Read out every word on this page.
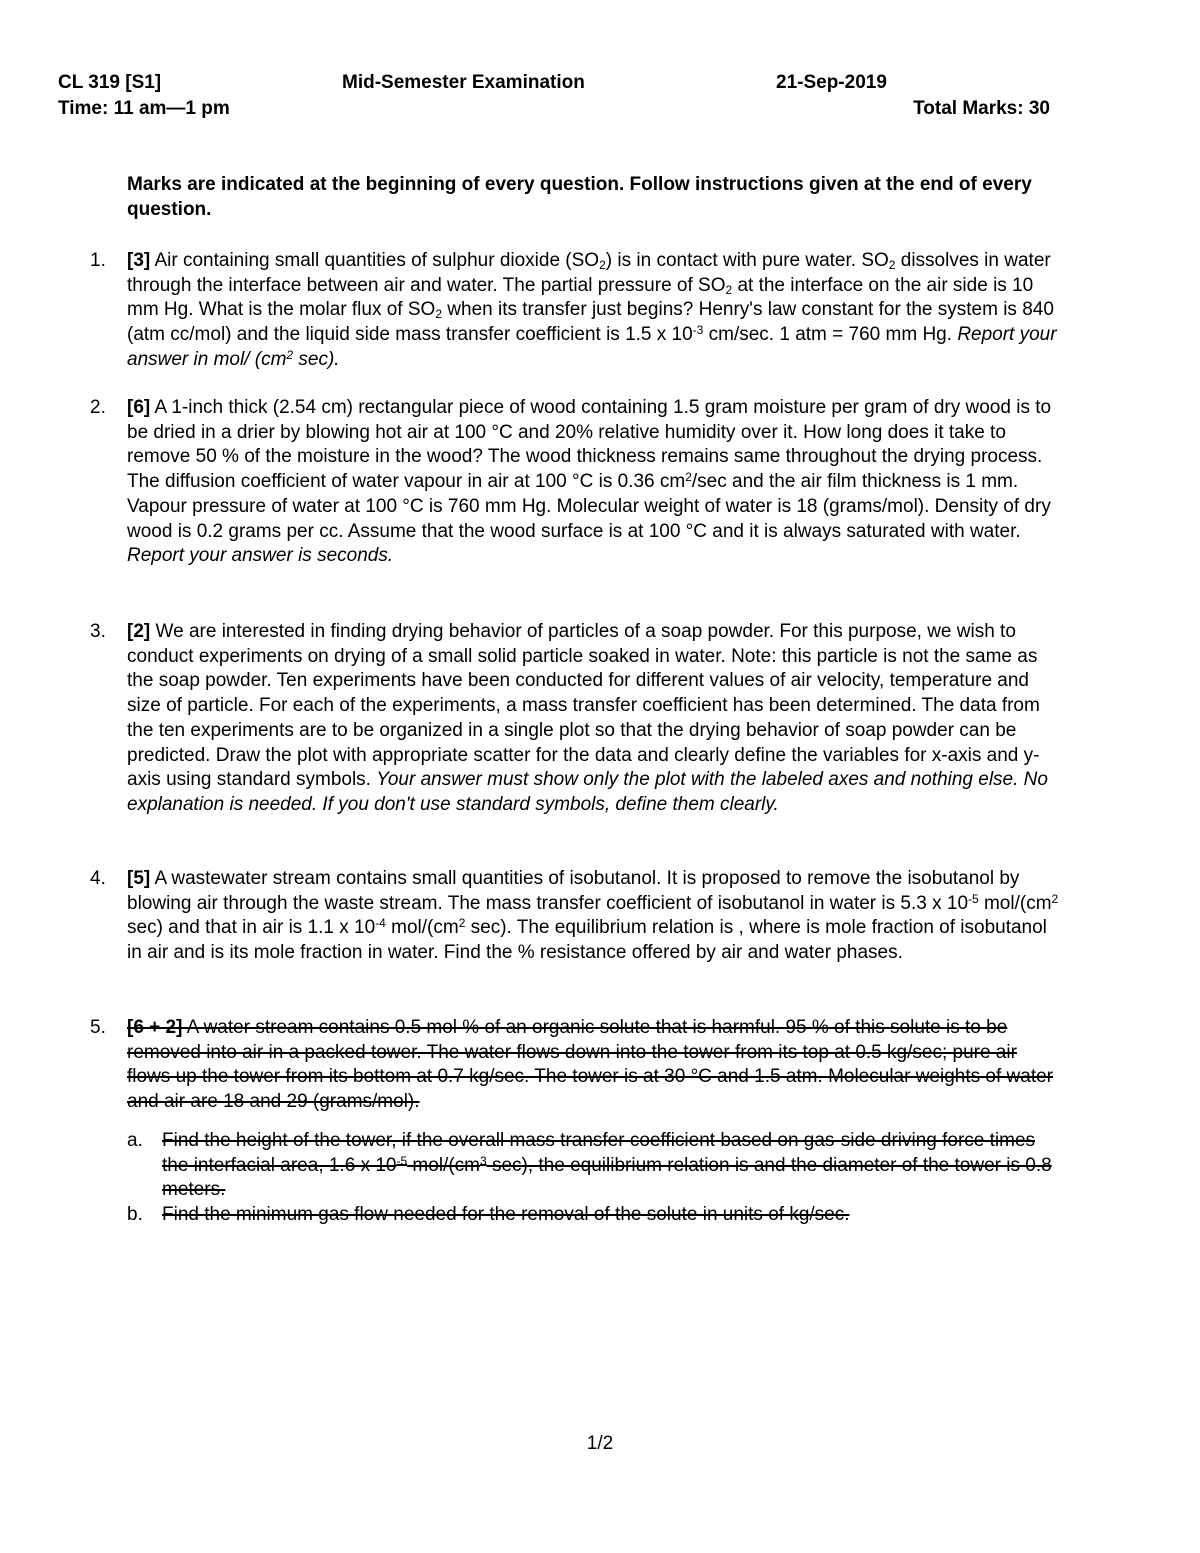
CL 319 [S1]	Mid-Semester Examination	21-Sep-2019
Time: 11 am—1 pm	Total Marks: 30
Marks are indicated at the beginning of every question. Follow instructions given at the end of every question.
1. [3] Air containing small quantities of sulphur dioxide $(SO_2)$ is in contact with pure water. $SO_2$ dissolves in water through the interface between air and water. The partial pressure of $SO_2$ at the interface on the air side is 10 mm Hg. What is the molar flux of $SO_2$ when its transfer just begins? Henry's law constant for the system is 840 (atm cc/mol) and the liquid side mass transfer coefficient is 1.5 x $10^{-3}$ cm/sec. 1 atm = 760 mm Hg. Report your answer in mol/ ($cm^2$ sec).
2. [6] A 1-inch thick (2.54 cm) rectangular piece of wood containing 1.5 gram moisture per gram of dry wood is to be dried in a drier by blowing hot air at 100 °C and 20% relative humidity over it. How long does it take to remove 50 % of the moisture in the wood? The wood thickness remains same throughout the drying process. The diffusion coefficient of water vapour in air at 100 °C is 0.36 $cm^2/\sec$ and the air film thickness is 1 mm. Vapour pressure of water at 100 °C is 760 mm Hg. Molecular weight of water is 18 (grams/mol). Density of dry wood is 0.2 grams per cc. Assume that the wood surface is at 100 °C and it is always saturated with water. Report your answer is seconds.
3. [2] We are interested in finding drying behavior of particles of a soap powder. For this purpose, we wish to conduct experiments on drying of a small solid particle soaked in water. Note: this particle is not the same as the soap powder. Ten experiments have been conducted for different values of air velocity, temperature and size of particle. For each of the experiments, a mass transfer coefficient has been determined. The data from the ten experiments are to be organized in a single plot so that the drying behavior of soap powder can be predicted. Draw the plot with appropriate scatter for the data and clearly define the variables for x-axis and y-axis using standard symbols. Your answer must show only the plot with the labeled axes and nothing else. No explanation is needed. If you don't use standard symbols, define them clearly.
4. [5] A wastewater stream contains small quantities of isobutanol. It is proposed to remove the isobutanol by blowing air through the waste stream. The mass transfer coefficient of isobutanol in water is 5.3 x $10^{-5}$ mol/($cm^2$ sec) and that in air is 1.1 x $10^{-4}$ mol/($cm^2$ sec). The equilibrium relation is , where is mole fraction of isobutanol in air and is its mole fraction in water. Find the % resistance offered by air and water phases.
5. [6 + 2] A water stream contains 0.5 mol % of an organic solute that is harmful. 95 % of this solute is to be removed into air in a packed tower. The water flows down into the tower from its top at 0.5 kg/sec; pure air flows up the tower from its bottom at 0.7 kg/sec. The tower is at 30 °C and 1.5 atm. Molecular weights of water and air are 18 and 29 (grams/mol).
a. Find the height of the tower, if the overall mass transfer coefficient based on gas-side driving force times the interfacial area, 1.6 x $10^{-5}$ mol/($cm^3$ sec), the equilibrium relation is and the diameter of the tower is 0.8 meters.
b. Find the minimum gas flow needed for the removal of the solute in units of kg/sec.
1/2
